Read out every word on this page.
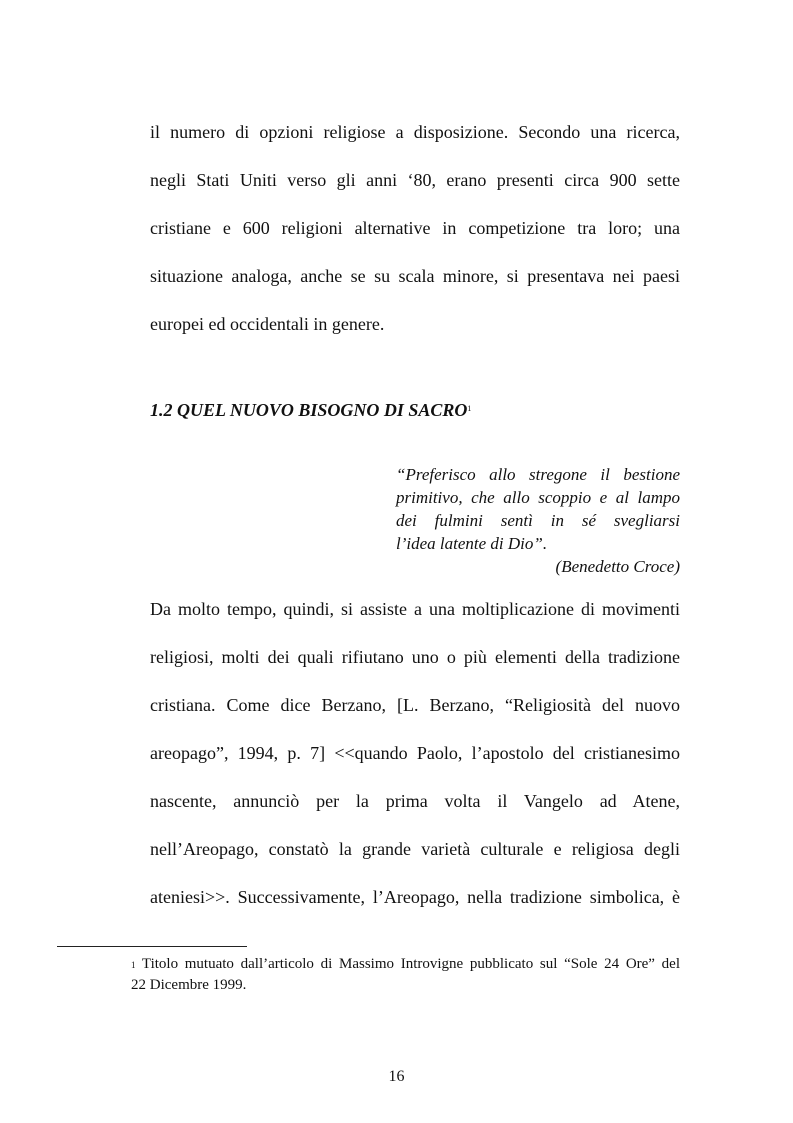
il numero di opzioni religiose a disposizione. Secondo una ricerca,
negli Stati Uniti verso gli anni ‘80, erano presenti circa 900 sette
cristiane e 600 religioni alternative in competizione tra loro; una
situazione analoga, anche se su scala minore, si presentava nei paesi
europei ed occidentali in genere.
1.2 QUEL NUOVO BISOGNO DI SACRO$^1$
“Preferisco allo stregone il bestione
primitivo, che allo scoppio e al lampo
dei fulmini sentì in sé svegliarsi
l’idea latente di Dio”.
(Benedetto Croce)
Da molto tempo, quindi, si assiste a una moltiplicazione di movimenti
religiosi, molti dei quali rifiutano uno o più elementi della tradizione
cristiana. Come dice Berzano, [L. Berzano, “Religiosità del nuovo
areopago”, 1994, p. 7] <<quando Paolo, l’apostolo del cristianesimo
nascente, annunciò per la prima volta il Vangelo ad Atene,
nell’Areopago, constatò la grande varietà culturale e religiosa degli
ateniesi>>. Successivamente, l’Areopago, nella tradizione simbolica, è
$^1$ Titolo mutuato dall’articolo di Massimo Introvigne pubblicato sul “Sole 24 Ore” del
22 Dicembre 1999.
16
